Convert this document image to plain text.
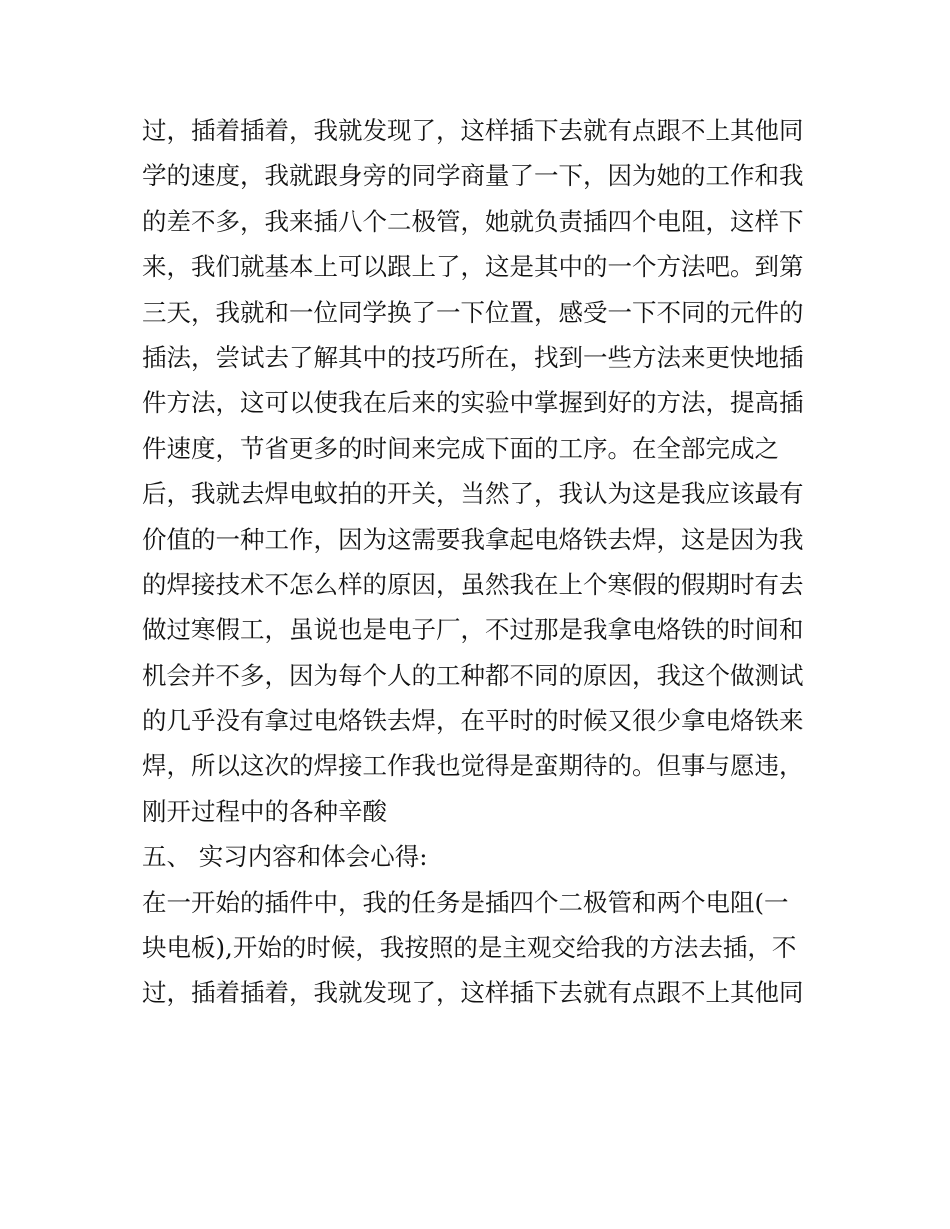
过，插着插着，我就发现了，这样插下去就有点跟不上其他同
学的速度，我就跟身旁的同学商量了一下，因为她的工作和我
的差不多，我来插八个二极管，她就负责插四个电阻，这样下
来，我们就基本上可以跟上了，这是其中的一个方法吧。到第
三天，我就和一位同学换了一下位置，感受一下不同的元件的
插法，尝试去了解其中的技巧所在，找到一些方法来更快地插
件方法，这可以使我在后来的实验中掌握到好的方法，提高插
件速度，节省更多的时间来完成下面的工序。在全部完成之
后，我就去焊电蚊拍的开关，当然了，我认为这是我应该最有
价值的一种工作，因为这需要我拿起电烙铁去焊，这是因为我
的焊接技术不怎么样的原因，虽然我在上个寒假的假期时有去
做过寒假工，虽说也是电子厂，不过那是我拿电烙铁的时间和
机会并不多，因为每个人的工种都不同的原因，我这个做测试
的几乎没有拿过电烙铁去焊，在平时的时候又很少拿电烙铁来
焊，所以这次的焊接工作我也觉得是蛮期待的。但事与愿违，
刚开过程中的各种辛酸
五、 实习内容和体会心得:
在一开始的插件中，我的任务是插四个二极管和两个电阻(一
块电板),开始的时候，我按照的是主观交给我的方法去插，不
过，插着插着，我就发现了，这样插下去就有点跟不上其他同
